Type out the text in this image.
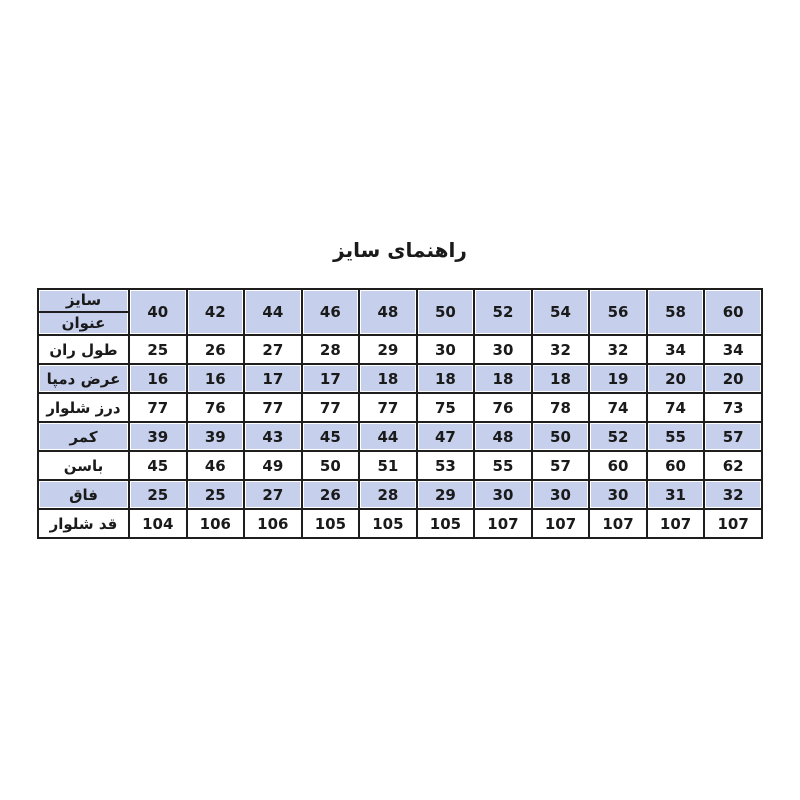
راهنمای سایز
سایز
عنوان	40	42	44	46	48	50	52	54	56	58	60
طول ران	25	26	27	28	29	30	30	32	32	34	34
عرض دمپا	16	16	17	17	18	18	18	18	19	20	20
درز شلوار	77	76	77	77	77	75	76	78	74	74	73
کمر	39	39	43	45	44	47	48	50	52	55	57
باسن	45	46	49	50	51	53	55	57	60	60	62
فاق	25	25	27	26	28	29	30	30	30	31	32
قد شلوار	104	106	106	105	105	105	107	107	107	107	107
